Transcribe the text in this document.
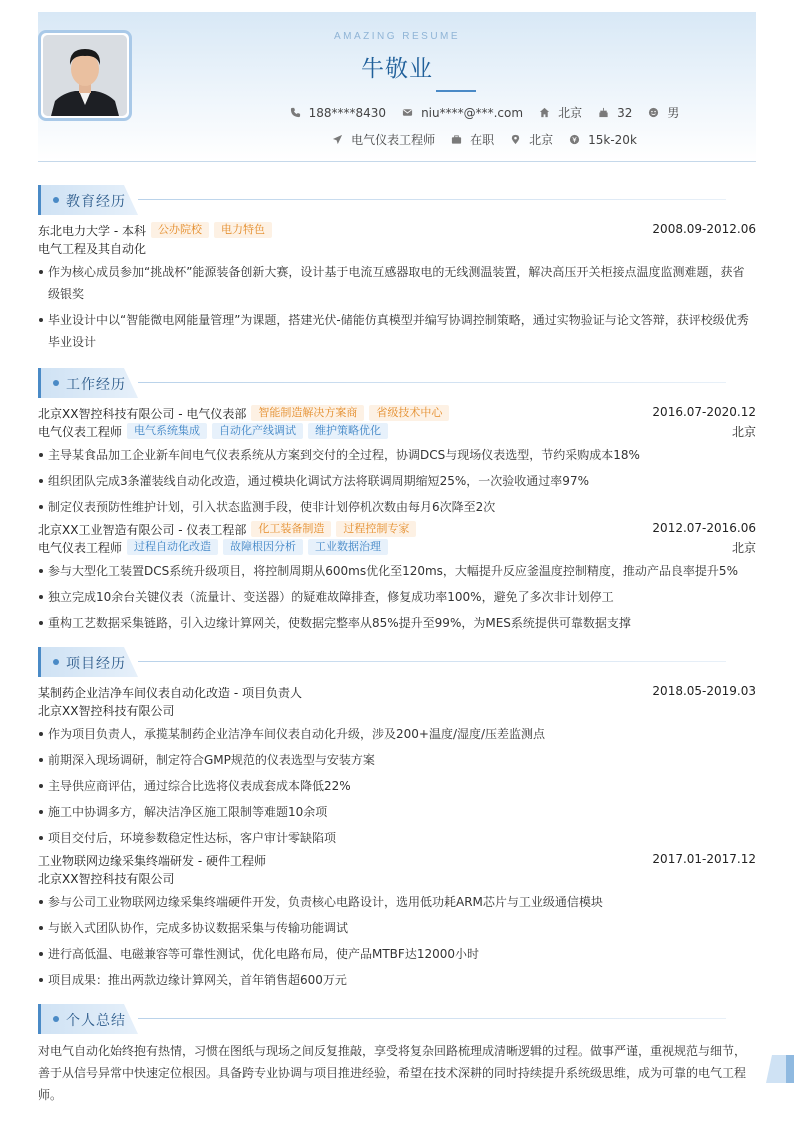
AMAZING RESUME
牛敬业
188****8430	niu****@***.com	北京	32	男
电气仪表工程师	在职	北京	15k-20k
教育经历
东北电力大学 - 本科	公办院校	电力特色	2008.09-2012.06
电气工程及其自动化
作为核心成员参加“挑战杯”能源装备创新大赛，设计基于电流互感器取电的无线测温装置，解决高压开关柜接点温度监测难题，获省级银奖
毕业设计中以“智能微电网能量管理”为课题，搭建光伏-储能仿真模型并编写协调控制策略，通过实物验证与论文答辩，获评校级优秀毕业设计
工作经历
北京XX智控科技有限公司 - 电气仪表部	智能制造解决方案商	省级技术中心	2016.07-2020.12
电气仪表工程师	电气系统集成	自动化产线调试	维护策略优化	北京
主导某食品加工企业新车间电气仪表系统从方案到交付的全过程，协调DCS与现场仪表选型，节约采购成本18%
组织团队完成3条灌装线自动化改造，通过模块化调试方法将联调周期缩短25%，一次验收通过率97%
制定仪表预防性维护计划，引入状态监测手段，使非计划停机次数由每月6次降至2次
北京XX工业智造有限公司 - 仪表工程部	化工装备制造	过程控制专家	2012.07-2016.06
电气仪表工程师	过程自动化改造	故障根因分析	工业数据治理	北京
参与大型化工装置DCS系统升级项目，将控制周期从600ms优化至120ms，大幅提升反应釜温度控制精度，推动产品良率提升5%
独立完成10余台关键仪表（流量计、变送器）的疑难故障排查，修复成功率100%，避免了多次非计划停工
重构工艺数据采集链路，引入边缘计算网关，使数据完整率从85%提升至99%，为MES系统提供可靠数据支撑
项目经历
某制药企业洁净车间仪表自动化改造 - 项目负责人	2018.05-2019.03
北京XX智控科技有限公司
作为项目负责人，承揽某制药企业洁净车间仪表自动化升级，涉及200+温度/湿度/压差监测点
前期深入现场调研，制定符合GMP规范的仪表选型与安装方案
主导供应商评估，通过综合比选将仪表成套成本降低22%
施工中协调多方，解决洁净区施工限制等难题10余项
项目交付后，环境参数稳定性达标，客户审计零缺陷项
工业物联网边缘采集终端研发 - 硬件工程师	2017.01-2017.12
北京XX智控科技有限公司
参与公司工业物联网边缘采集终端硬件开发，负责核心电路设计，选用低功耗ARM芯片与工业级通信模块
与嵌入式团队协作，完成多协议数据采集与传输功能调试
进行高低温、电磁兼容等可靠性测试，优化电路布局，使产品MTBF达12000小时
项目成果：推出两款边缘计算网关，首年销售超600万元
个人总结

对电气自动化始终抱有热情，习惯在图纸与现场之间反复推敲，享受将复杂回路梳理成清晰逻辑的过程。做事严谨，重视规范与细节，善于从信号异常中快速定位根因。具备跨专业协调与项目推进经验，希望在技术深耕的同时持续提升系统级思维，成为可靠的电气工程师。
